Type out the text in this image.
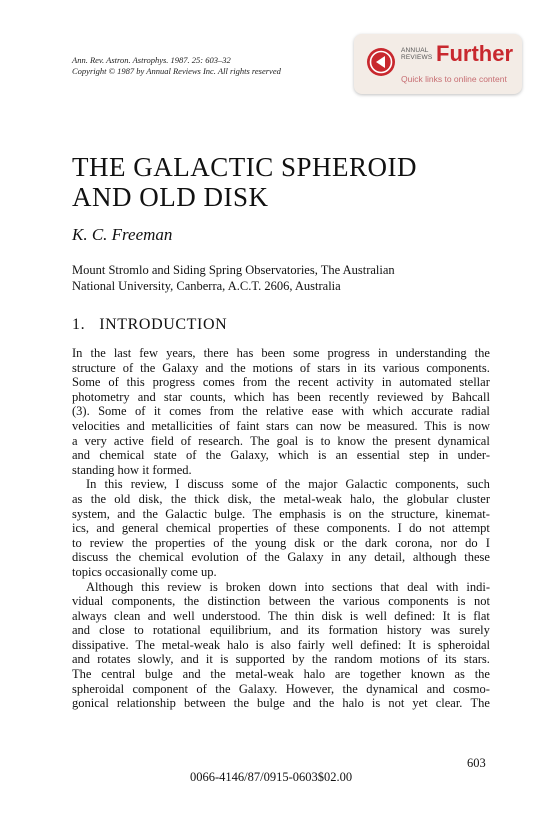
Ann. Rev. Astron. Astrophys. 1987. 25: 603–32
Copyright © 1987 by Annual Reviews Inc. All rights reserved
ANNUAL
REVIEWS Further
Quick links to online content
THE GALACTIC SPHEROID
AND OLD DISK
K. C. Freeman
Mount Stromlo and Siding Spring Observatories, The Australian
National University, Canberra, A.C.T. 2606, Australia
1. INTRODUCTION
In the last few years, there has been some progress in understanding the
structure of the Galaxy and the motions of stars in its various components.
Some of this progress comes from the recent activity in automated stellar
photometry and star counts, which has been recently reviewed by Bahcall
(3). Some of it comes from the relative ease with which accurate radial
velocities and metallicities of faint stars can now be measured. This is now
a very active field of research. The goal is to know the present dynamical
and chemical state of the Galaxy, which is an essential step in under-
standing how it formed.
In this review, I discuss some of the major Galactic components, such
as the old disk, the thick disk, the metal-weak halo, the globular cluster
system, and the Galactic bulge. The emphasis is on the structure, kinemat-
ics, and general chemical properties of these components. I do not attempt
to review the properties of the young disk or the dark corona, nor do I
discuss the chemical evolution of the Galaxy in any detail, although these
topics occasionally come up.
Although this review is broken down into sections that deal with indi-
vidual components, the distinction between the various components is not
always clean and well understood. The thin disk is well defined: It is flat
and close to rotational equilibrium, and its formation history was surely
dissipative. The metal-weak halo is also fairly well defined: It is spheroidal
and rotates slowly, and it is supported by the random motions of its stars.
The central bulge and the metal-weak halo are together known as the
spheroidal component of the Galaxy. However, the dynamical and cosmo-
gonical relationship between the bulge and the halo is not yet clear. The
603
0066-4146/87/0915-0603$02.00
